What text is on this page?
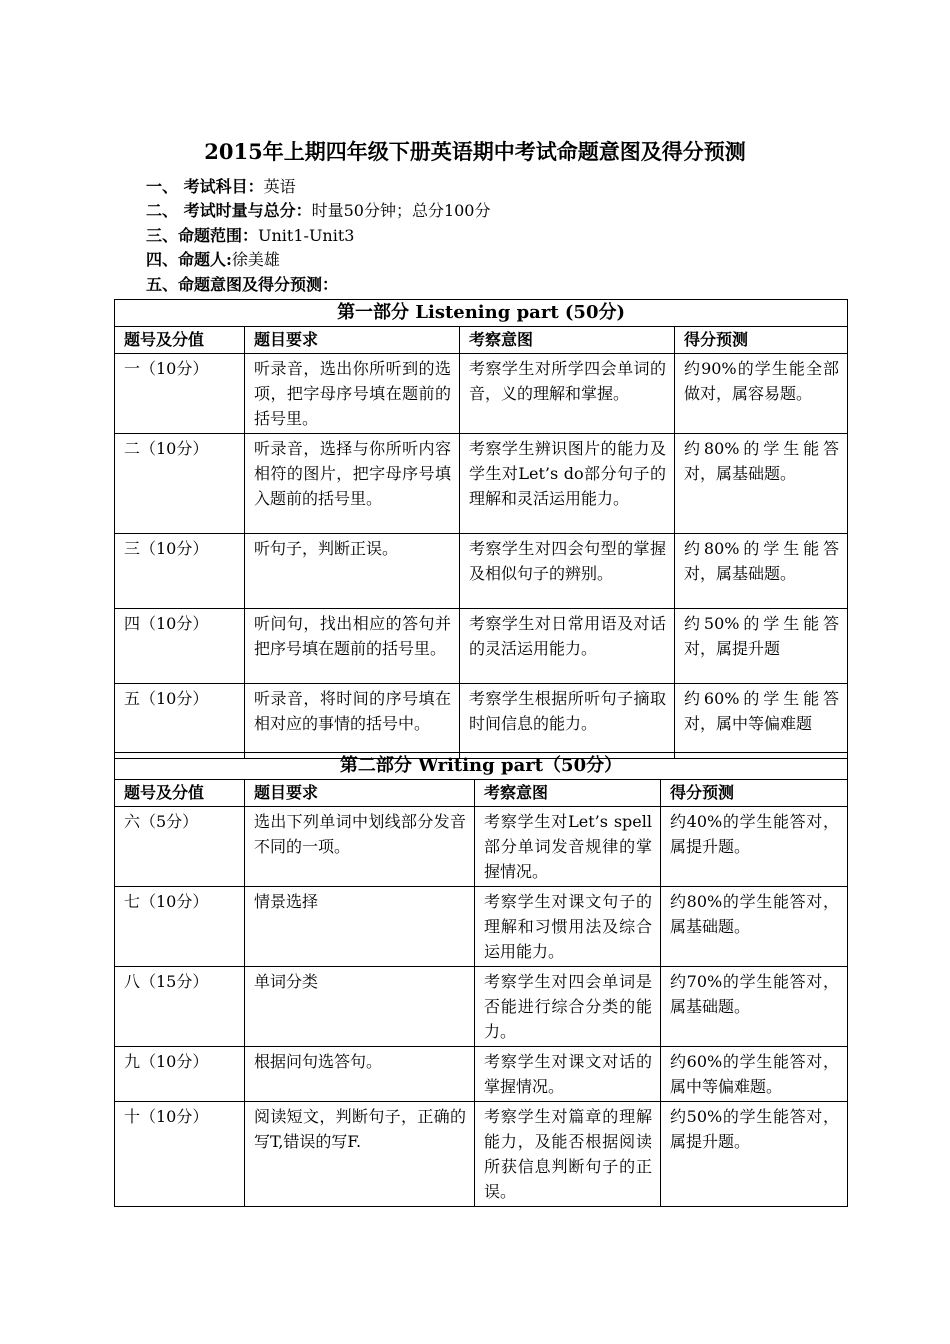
2015年上期四年级下册英语期中考试命题意图及得分预测
一、 考试科目：英语
二、 考试时量与总分：时量50分钟；总分100分
三、命题范围：Unit1-Unit3
四、命题人:徐美雄
五、命题意图及得分预测：
第一部分 Listening part (50分)			
题号及分值	题目要求	考察意图	得分预测
一（10分）	听录音，选出你所听到的选项，把字母序号填在题前的括号里。	考察学生对所学四会单词的音，义的理解和掌握。	约90%的学生能全部做对，属容易题。
二（10分）	听录音，选择与你所听内容相符的图片，把字母序号填入题前的括号里。	考察学生辨识图片的能力及学生对Let’s do部分句子的理解和灵活运用能力。	约80%的学生能答对，属基础题。
三（10分）	听句子，判断正误。	考察学生对四会句型的掌握及相似句子的辨别。	约80%的学生能答对，属基础题。
四（10分）	听问句，找出相应的答句并把序号填在题前的括号里。	考察学生对日常用语及对话的灵活运用能力。	约50%的学生能答对，属提升题
五（10分）	听录音，将时间的序号填在相对应的事情的括号中。	考察学生根据所听句子摘取时间信息的能力。	约60%的学生能答对，属中等偏难题
第二部分 Writing part（50分）			
题号及分值	题目要求	考察意图	得分预测
六（5分）	选出下列单词中划线部分发音不同的一项。	考察学生对Let’s spell部分单词发音规律的掌握情况。	约40%的学生能答对，属提升题。
七（10分）	情景选择	考察学生对课文句子的理解和习惯用法及综合运用能力。	约80%的学生能答对，属基础题。
八（15分）	单词分类	考察学生对四会单词是否能进行综合分类的能力。	约70%的学生能答对，属基础题。
九（10分）	根据问句选答句。	考察学生对课文对话的掌握情况。	约60%的学生能答对，属中等偏难题。
十（10分）	阅读短文，判断句子，正确的写T,错误的写F.	考察学生对篇章的理解能力，及能否根据阅读所获信息判断句子的正误。	约50%的学生能答对，属提升题。
